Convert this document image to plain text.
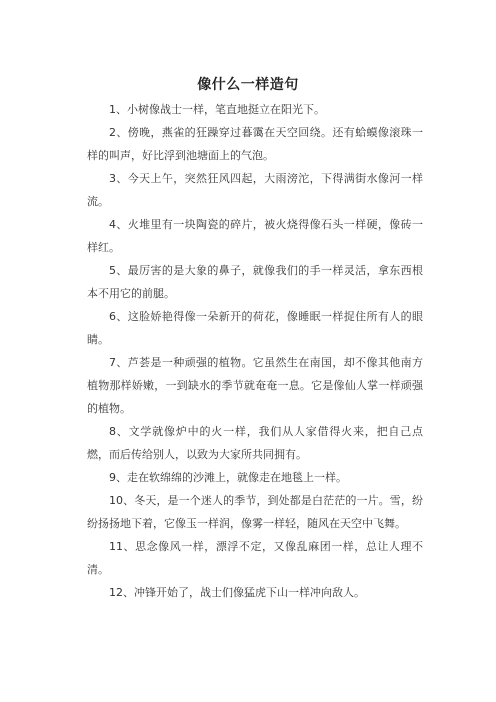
像什么一样造句

1、小树像战士一样，笔直地挺立在阳光下。

2、傍晚，燕雀的狂躁穿过暮霭在天空回绕。还有蛤蟆像滚珠一样的叫声，好比浮到池塘面上的气泡。

3、今天上午，突然狂风四起，大雨滂沱，下得满街水像河一样流。

4、火堆里有一块陶瓷的碎片，被火烧得像石头一样硬，像砖一样红。

5、最厉害的是大象的鼻子，就像我们的手一样灵活，拿东西根本不用它的前腿。

6、这脸娇艳得像一朵新开的荷花，像睡眠一样捉住所有人的眼睛。

7、芦荟是一种顽强的植物。它虽然生在南国，却不像其他南方植物那样娇嫩，一到缺水的季节就奄奄一息。它是像仙人掌一样顽强的植物。

8、文学就像炉中的火一样，我们从人家借得火来，把自己点燃，而后传给别人，以致为大家所共同拥有。

9、走在软绵绵的沙滩上，就像走在地毯上一样。

10、冬天，是一个迷人的季节，到处都是白茫茫的一片。雪，纷纷扬扬地下着，它像玉一样润，像雾一样轻，随风在天空中飞舞。

11、思念像风一样，漂浮不定，又像乱麻团一样，总让人理不清。

12、冲锋开始了，战士们像猛虎下山一样冲向敌人。
